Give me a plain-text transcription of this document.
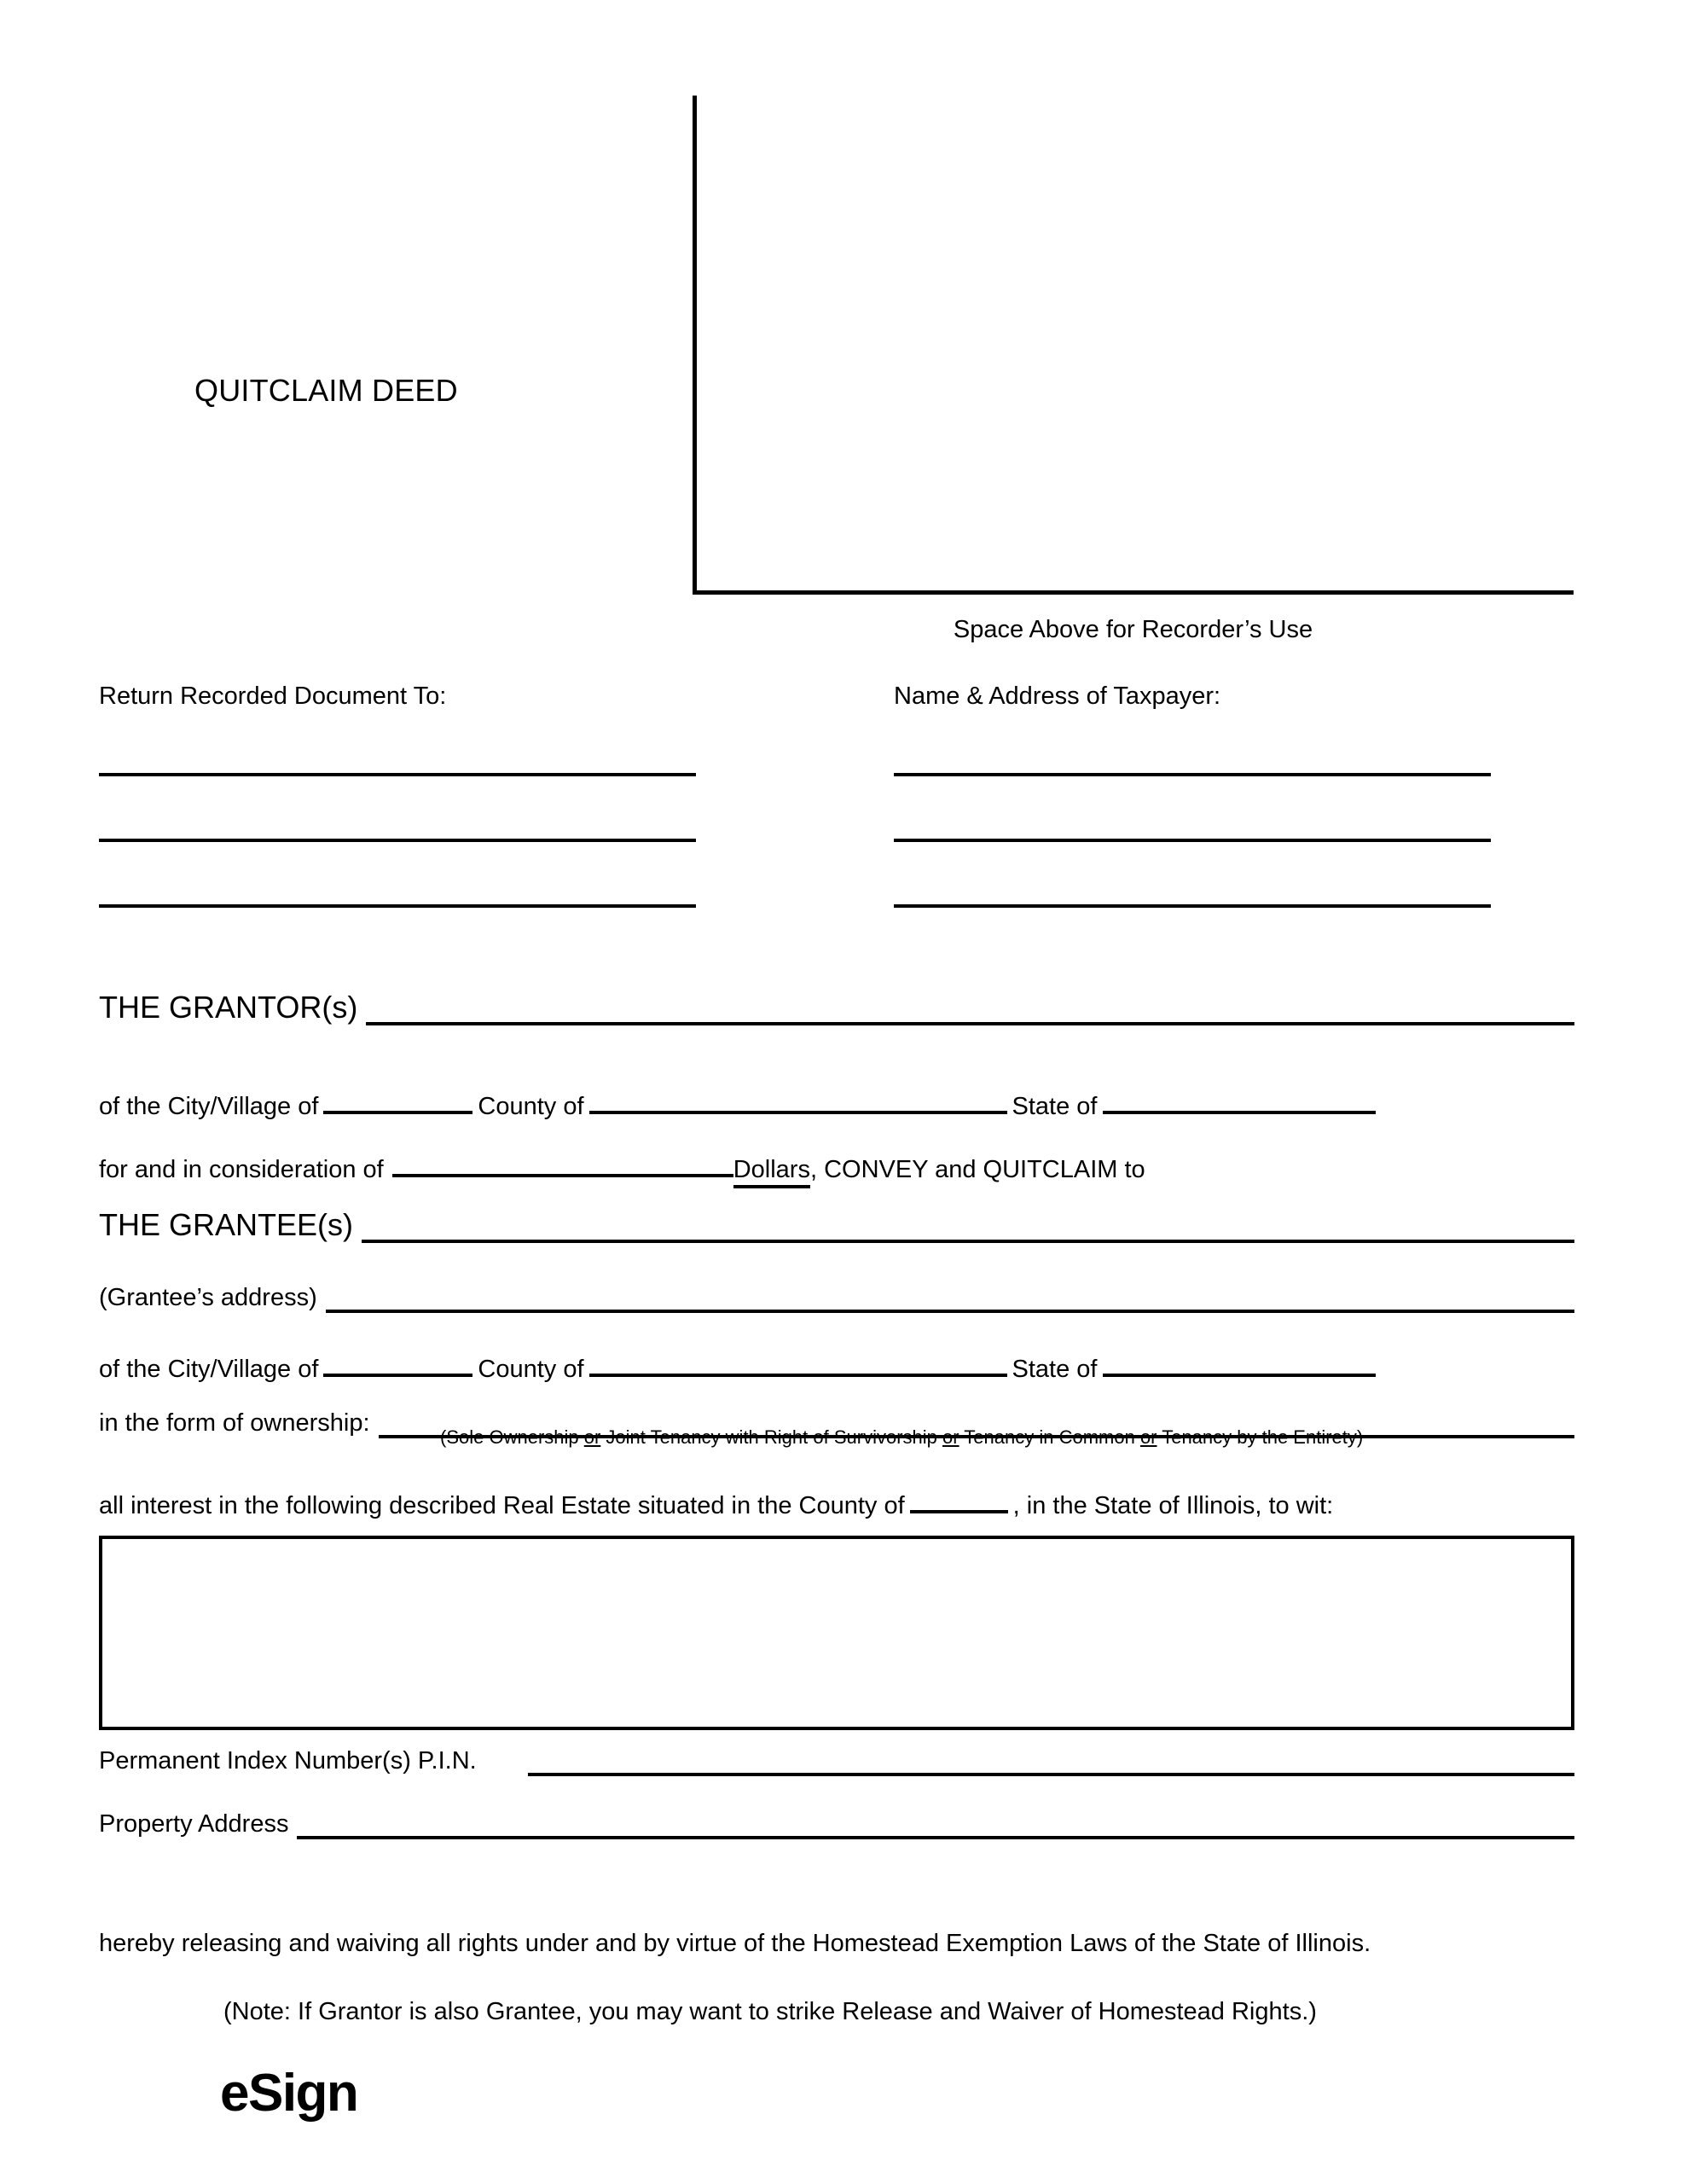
QUITCLAIM DEED
Space Above for Recorder’s Use
Return Recorded Document To:	Name & Address of Taxpayer:
THE GRANTOR(s)
of the City/Village of	County of	State of
for and in consideration of	Dollars , CONVEY and QUITCLAIM to
THE GRANTEE(s)
(Grantee’s address)
of the City/Village of	County of	State of
in the form of ownership:
(Sole Ownership or Joint Tenancy with Right of Survivorship or Tenancy in Common or Tenancy by the Entirety)
all interest in the following described Real Estate situated in the County of	, in the State of Illinois, to wit:
Permanent Index Number(s) P.I.N.
Property Address
hereby releasing and waiving all rights under and by virtue of the Homestead Exemption Laws of the State of Illinois.
(Note: If Grantor is also Grantee, you may want to strike Release and Waiver of Homestead Rights.)
eSign
